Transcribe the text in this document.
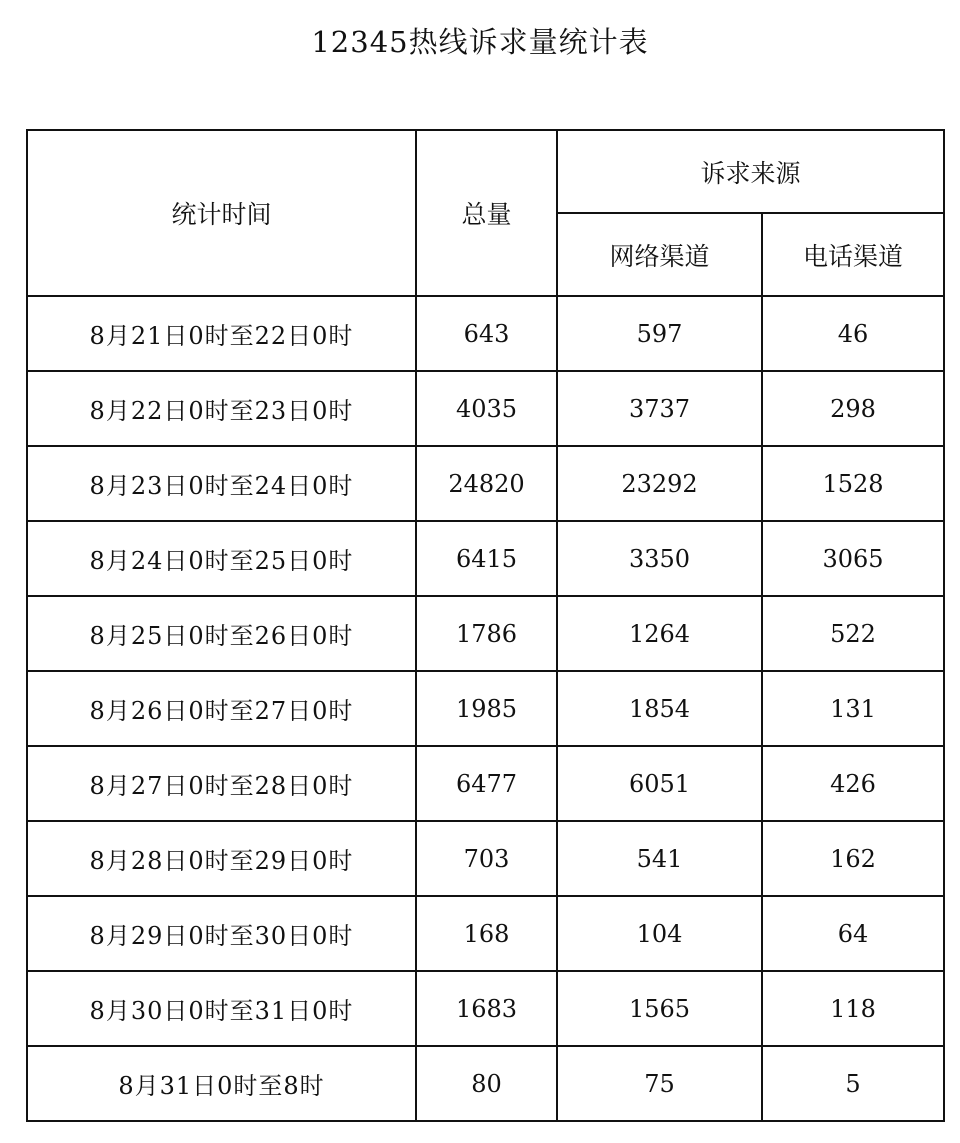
12345热线诉求量统计表
统计时间	总量	诉求来源	
		网络渠道	电话渠道
8月21日0时至22日0时	643	597	46
8月22日0时至23日0时	4035	3737	298
8月23日0时至24日0时	24820	23292	1528
8月24日0时至25日0时	6415	3350	3065
8月25日0时至26日0时	1786	1264	522
8月26日0时至27日0时	1985	1854	131
8月27日0时至28日0时	6477	6051	426
8月28日0时至29日0时	703	541	162
8月29日0时至30日0时	168	104	64
8月30日0时至31日0时	1683	1565	118
8月31日0时至8时	80	75	5
